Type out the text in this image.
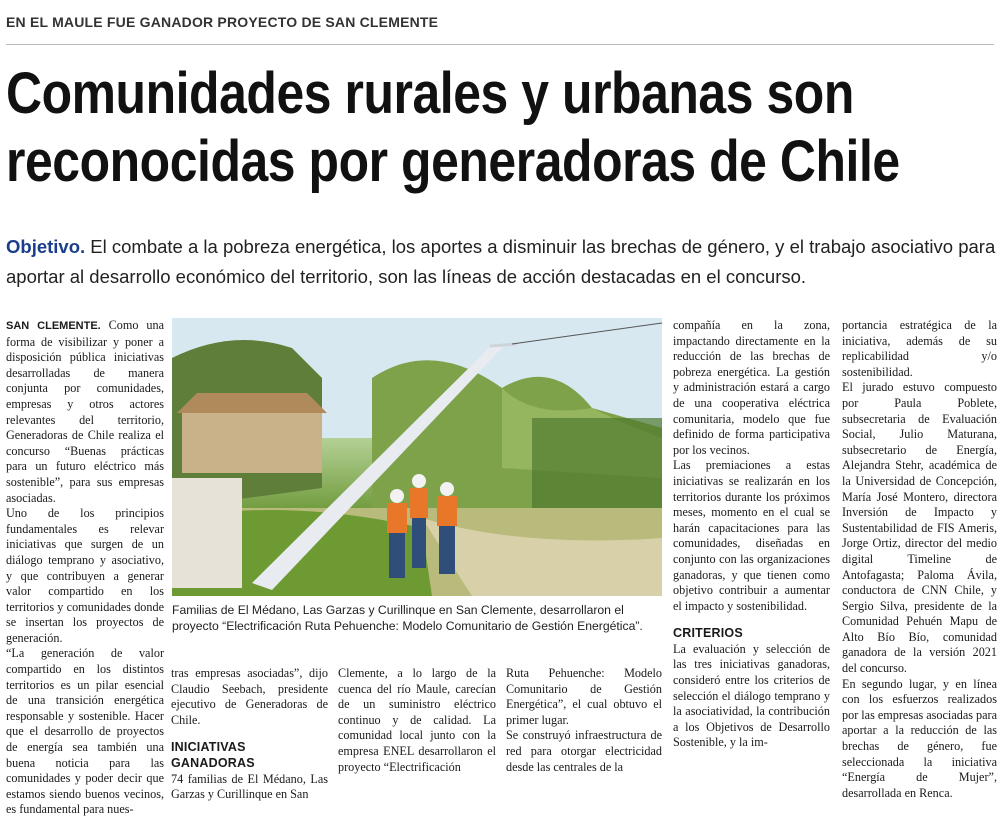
EN EL MAULE FUE GANADOR PROYECTO DE SAN CLEMENTE
Comunidades rurales y urbanas son
reconocidas por generadoras de Chile

Objetivo. El combate a la pobreza energética, los aportes a disminuir las brechas de género, y el trabajo asociativo para aportar al desarrollo económico del territorio, son las líneas de acción destacadas en el concurso.

SAN CLEMENTE. Como una forma de visibilizar y poner a disposición pública iniciativas desarrolladas de manera conjunta por comunidades, empresas y otros actores relevantes del territorio, Generadoras de Chile realiza el concurso “Buenas prácticas para un futuro eléctrico más sostenible”, para sus empresas asociadas.

Uno de los principios fundamentales es relevar iniciativas que surgen de un diálogo temprano y asociativo, y que contribuyen a generar valor compartido en los territorios y comunidades donde se insertan los proyectos de generación.

“La generación de valor compartido en los distintos territorios es un pilar esencial de una transición energética responsable y sostenible. Hacer que el desarrollo de proyectos de energía sea también una buena noticia para las comunidades y poder decir que estamos siendo buenos vecinos, es fundamental para nues-

Familias de El Médano, Las Garzas y Curillinque en San Clemente, desarrollaron el proyecto “Electrificación Ruta Pehuenche: Modelo Comunitario de Gestión Energética”.

tras empresas asociadas”, dijo Claudio Seebach, presidente ejecutivo de Generadoras de Chile.

INICIATIVAS GANADORAS

74 familias de El Médano, Las Garzas y Curillinque en San

Clemente, a lo largo de la cuenca del río Maule, carecían de un suministro eléctrico continuo y de calidad. La comunidad local junto con la empresa ENEL desarrollaron el proyecto “Electrificación

Ruta Pehuenche: Modelo Comunitario de Gestión Energética”, el cual obtuvo el primer lugar.

Se construyó infraestructura de red para otorgar electricidad desde las centrales de la

compañía en la zona, impactando directamente en la reducción de las brechas de pobreza energética. La gestión y administración estará a cargo de una cooperativa eléctrica comunitaria, modelo que fue definido de forma participativa por los vecinos.

Las premiaciones a estas iniciativas se realizarán en los territorios durante los próximos meses, momento en el cual se harán capacitaciones para las comunidades, diseñadas en conjunto con las organizaciones ganadoras, y que tienen como objetivo contribuir a aumentar el impacto y sostenibilidad.

CRITERIOS

La evaluación y selección de las tres iniciativas ganadoras, consideró entre los criterios de selección el diálogo temprano y la asociatividad, la contribución a los Objetivos de Desarrollo Sostenible, y la im-

portancia estratégica de la iniciativa, además de su replicabilidad y/o sostenibilidad.

El jurado estuvo compuesto por Paula Poblete, subsecretaria de Evaluación Social, Julio Maturana, subsecretario de Energía, Alejandra Stehr, académica de la Universidad de Concepción, María José Montero, directora Inversión de Impacto y Sustentabilidad de FIS Ameris, Jorge Ortiz, director del medio digital Timeline de Antofagasta; Paloma Ávila, conductora de CNN Chile, y Sergio Silva, presidente de la Comunidad Pehuén Mapu de Alto Bío Bío, comunidad ganadora de la versión 2021 del concurso.

En segundo lugar, y en línea con los esfuerzos realizados por las empresas asociadas para aportar a la reducción de las brechas de género, fue seleccionada la iniciativa “Energía de Mujer”, desarrollada en Renca.
